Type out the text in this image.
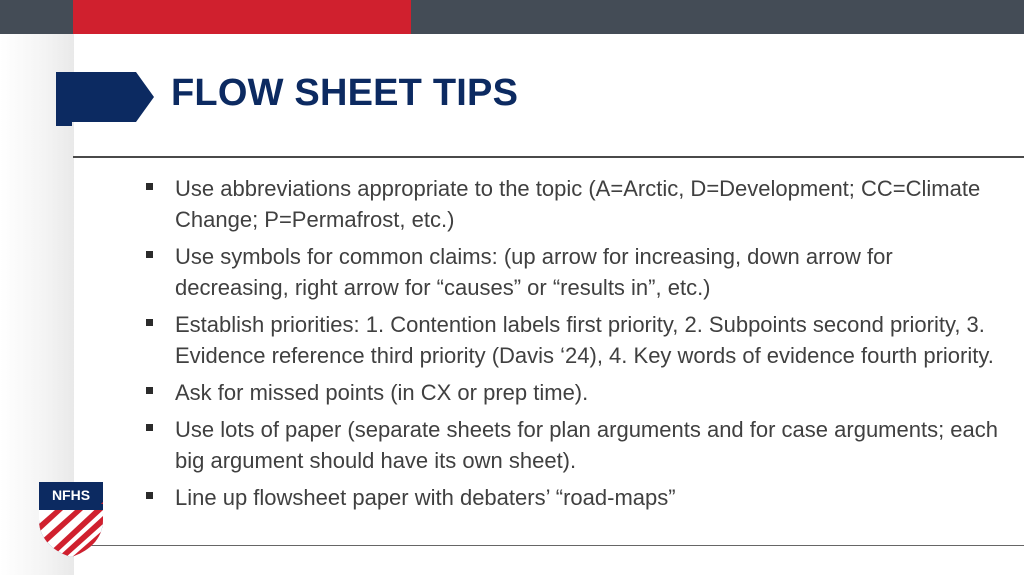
FLOW SHEET TIPS
Use abbreviations appropriate to the topic (A=Arctic, D=Development; CC=Climate Change; P=Permafrost, etc.)
Use symbols for common claims: (up arrow for increasing, down arrow for decreasing, right arrow for “causes” or “results in”, etc.)
Establish priorities: 1. Contention labels first priority, 2. Subpoints second priority, 3. Evidence reference third priority (Davis ‘24), 4. Key words of evidence fourth priority.
Ask for missed points (in CX or prep time).
Use lots of paper (separate sheets for plan arguments and for case arguments; each big argument should have its own sheet).
Line up flowsheet paper with debaters’ “road-maps”
NFHS
